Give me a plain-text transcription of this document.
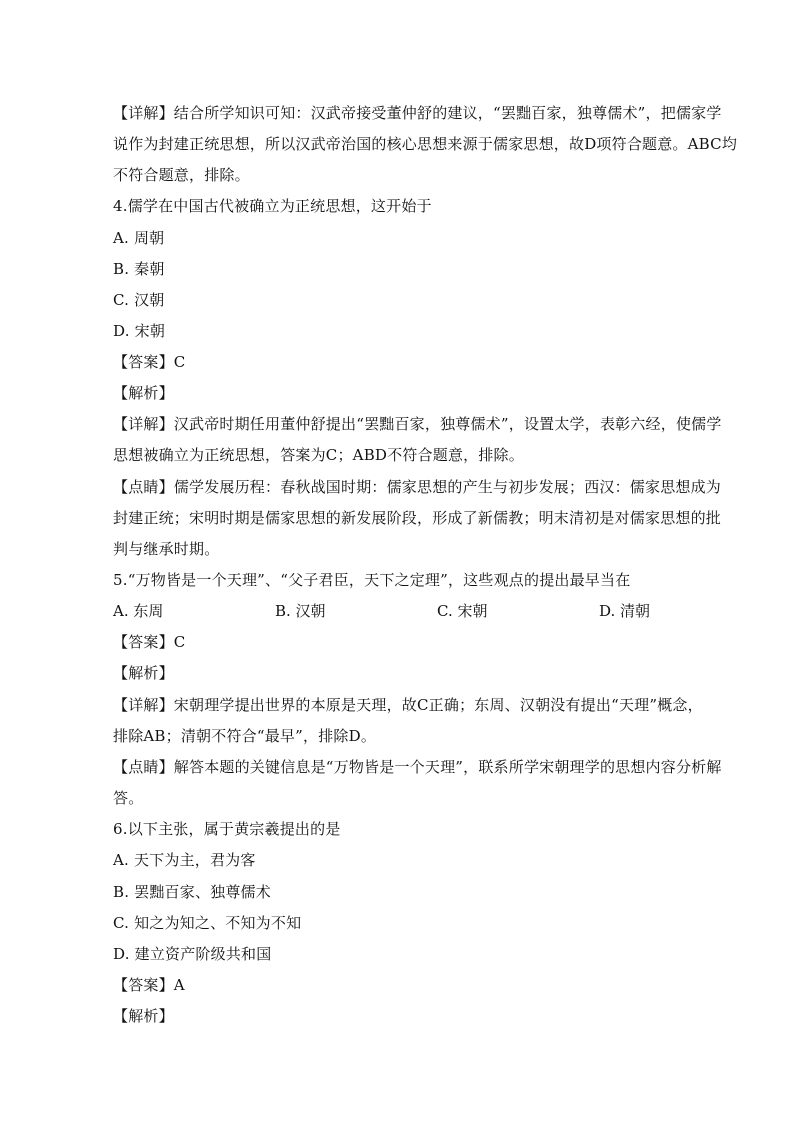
【详解】结合所学知识可知：汉武帝接受董仲舒的建议，“罢黜百家，独尊儒术”，把儒家学
说作为封建正统思想，所以汉武帝治国的核心思想来源于儒家思想，故D项符合题意。ABC均
不符合题意，排除。
4.儒学在中国古代被确立为正统思想，这开始于
A. 周朝
B. 秦朝
C. 汉朝
D. 宋朝
【答案】C
【解析】
【详解】汉武帝时期任用董仲舒提出“罢黜百家，独尊儒术”，设置太学，表彰六经，使儒学
思想被确立为正统思想，答案为C；ABD不符合题意，排除。
【点睛】儒学发展历程：春秋战国时期：儒家思想的产生与初步发展；西汉：儒家思想成为
封建正统；宋明时期是儒家思想的新发展阶段，形成了新儒教；明末清初是对儒家思想的批
判与继承时期。
5.“万物皆是一个天理”、“父子君臣，天下之定理”，这些观点的提出最早当在
A. 东周	B. 汉朝	C. 宋朝	D. 清朝
【答案】C
【解析】
【详解】宋朝理学提出世界的本原是天理，故C正确；东周、汉朝没有提出“天理”概念，
排除AB；清朝不符合“最早”，排除D。
【点睛】解答本题的关键信息是“万物皆是一个天理”，联系所学宋朝理学的思想内容分析解
答。
6.以下主张，属于黄宗羲提出的是
A. 天下为主，君为客
B. 罢黜百家、独尊儒术
C. 知之为知之、不知为不知
D. 建立资产阶级共和国
【答案】A
【解析】
